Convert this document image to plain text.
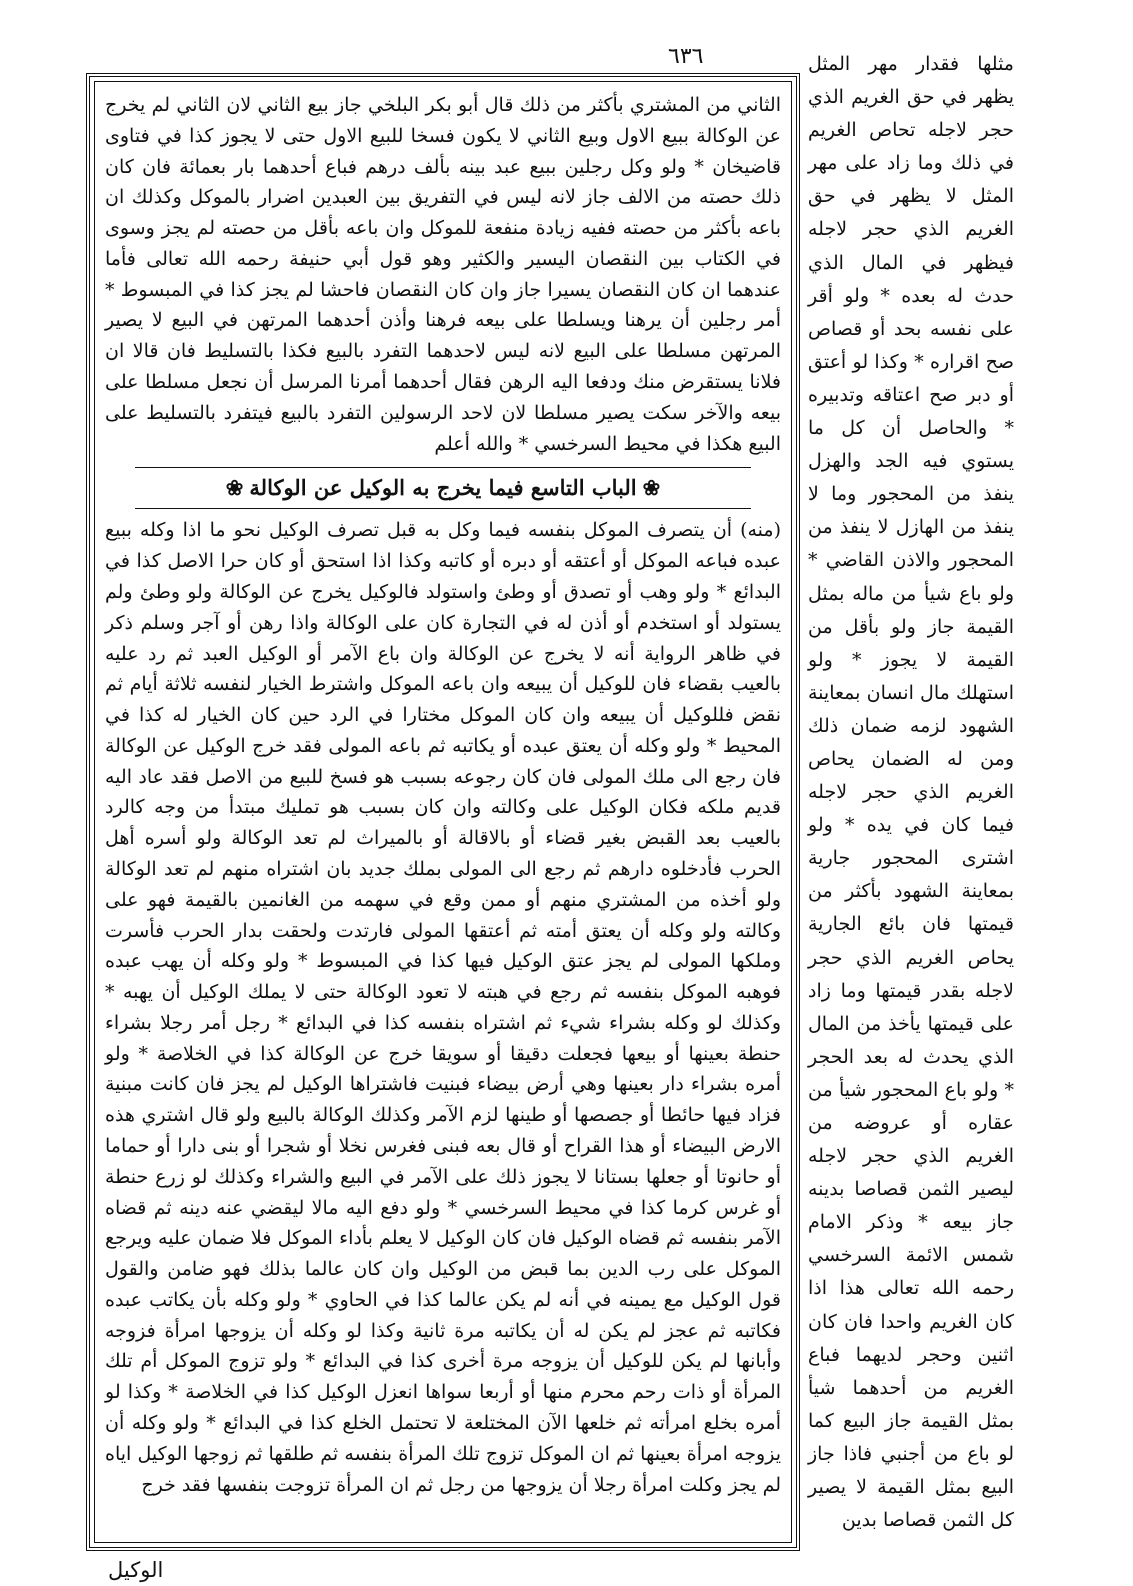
٦٣٦	مثلها فقدار مهر المثل يظهر في حق الغريم الذي حجر لاجله تحاص الغريم في ذلك وما زاد على مهر المثل لا يظهر في حق الغريم الذي حجر لاجله فيظهر في المال الذي حدث له بعده * ولو أقر على نفسه بحد أو قصاص صح اقراره * وكذا لو أعتق أو دبر صح اعتاقه وتدبيره * والحاصل أن كل ما يستوي فيه الجد والهزل ينفذ من المحجور وما لا ينفذ من الهازل لا ينفذ من المحجور والاذن القاضي * ولو باع شيأ من ماله بمثل القيمة جاز ولو بأقل من القيمة لا يجوز * ولو استهلك مال انسان بمعاينة الشهود لزمه ضمان ذلك ومن له الضمان يحاص الغريم الذي حجر لاجله فيما كان في يده * ولو اشترى المحجور جارية بمعاينة الشهود بأكثر من قيمتها فان بائع الجارية يحاص الغريم الذي حجر لاجله بقدر قيمتها وما زاد على قيمتها يأخذ من المال الذي يحدث له بعد الحجر * ولو باع المحجور شيأ من عقاره أو عروضه من الغريم الذي حجر لاجله ليصير الثمن قصاصا بدينه جاز بيعه * وذكر الامام شمس الائمة السرخسي رحمه الله تعالى هذا اذا كان الغريم واحدا فان كان اثنين وحجر لديهما فباع الغريم من أحدهما شيأ بمثل القيمة جاز البيع كما لو باع من أجنبي فاذا جاز البيع بمثل القيمة لا يصير كل الثمن قصاصا بدين

الثاني من المشتري بأكثر من ذلك قال أبو بكر البلخي جاز بيع الثاني لان الثاني لم يخرج عن الوكالة ببيع الاول وبيع الثاني لا يكون فسخا للبيع الاول حتى لا يجوز كذا في فتاوى قاضيخان * ولو وكل رجلين ببيع عبد بينه بألف درهم فباع أحدهما بار بعمائة فان كان ذلك حصته من الالف جاز لانه ليس في التفريق بين العبدين اضرار بالموكل وكذلك ان باعه بأكثر من حصته ففيه زيادة منفعة للموكل وان باعه بأقل من حصته لم يجز وسوى في الكتاب بين النقصان اليسير والكثير وهو قول أبي حنيفة رحمه الله تعالى فأما عندهما ان كان النقصان يسيرا جاز وان كان النقصان فاحشا لم يجز كذا في المبسوط * أمر رجلين أن يرهنا ويسلطا على بيعه فرهنا وأذن أحدهما المرتهن في البيع لا يصير المرتهن مسلطا على البيع لانه ليس لاحدهما التفرد بالبيع فكذا بالتسليط فان قالا ان فلانا يستقرض منك ودفعا اليه الرهن فقال أحدهما أمرنا المرسل أن نجعل مسلطا على بيعه والآخر سكت يصير مسلطا لان لاحد الرسولين التفرد بالبيع فيتفرد بالتسليط على البيع هكذا في محيط السرخسي * والله أعلم

❀الباب التاسع فيما يخرج به الوكيل عن الوكالة❀

(منه) أن يتصرف الموكل بنفسه فيما وكل به قبل تصرف الوكيل نحو ما اذا وكله ببيع عبده فباعه الموكل أو أعتقه أو دبره أو كاتبه وكذا اذا استحق أو كان حرا الاصل كذا في البدائع * ولو وهب أو تصدق أو وطئ واستولد فالوكيل يخرج عن الوكالة ولو وطئ ولم يستولد أو استخدم أو أذن له في التجارة كان على الوكالة واذا رهن أو آجر وسلم ذكر في ظاهر الرواية أنه لا يخرج عن الوكالة وان باع الآمر أو الوكيل العبد ثم رد عليه بالعيب بقضاء فان للوكيل أن يبيعه وان باعه الموكل واشترط الخيار لنفسه ثلاثة أيام ثم نقض فللوكيل أن يبيعه وان كان الموكل مختارا في الرد حين كان الخيار له كذا في المحيط * ولو وكله أن يعتق عبده أو يكاتبه ثم باعه المولى فقد خرج الوكيل عن الوكالة فان رجع الى ملك المولى فان كان رجوعه بسبب هو فسخ للبيع من الاصل فقد عاد اليه قديم ملكه فكان الوكيل على وكالته وان كان بسبب هو تمليك مبتدأ من وجه كالرد بالعيب بعد القبض بغير قضاء أو بالاقالة أو بالميراث لم تعد الوكالة ولو أسره أهل الحرب فأدخلوه دارهم ثم رجع الى المولى بملك جديد بان اشتراه منهم لم تعد الوكالة ولو أخذه من المشتري منهم أو ممن وقع في سهمه من الغانمين بالقيمة فهو على وكالته ولو وكله أن يعتق أمته ثم أعتقها المولى فارتدت ولحقت بدار الحرب فأسرت وملكها المولى لم يجز عتق الوكيل فيها كذا في المبسوط * ولو وكله أن يهب عبده فوهبه الموكل بنفسه ثم رجع في هبته لا تعود الوكالة حتى لا يملك الوكيل أن يهبه * وكذلك لو وكله بشراء شيء ثم اشتراه بنفسه كذا في البدائع * رجل أمر رجلا بشراء حنطة بعينها أو بيعها فجعلت دقيقا أو سويقا خرج عن الوكالة كذا في الخلاصة * ولو أمره بشراء دار بعينها وهي أرض بيضاء فبنيت فاشتراها الوكيل لم يجز فان كانت مبنية فزاد فيها حائطا أو جصصها أو طينها لزم الآمر وكذلك الوكالة بالبيع ولو قال اشتري هذه الارض البيضاء أو هذا القراح أو قال بعه فبنى فغرس نخلا أو شجرا أو بنى دارا أو حماما أو حانوتا أو جعلها بستانا لا يجوز ذلك على الآمر في البيع والشراء وكذلك لو زرع حنطة أو غرس كرما كذا في محيط السرخسي * ولو دفع اليه مالا ليقضي عنه دينه ثم قضاه الآمر بنفسه ثم قضاه الوكيل فان كان الوكيل لا يعلم بأداء الموكل فلا ضمان عليه ويرجع الموكل على رب الدين بما قبض من الوكيل وان كان عالما بذلك فهو ضامن والقول قول الوكيل مع يمينه في أنه لم يكن عالما كذا في الحاوي * ولو وكله بأن يكاتب عبده فكاتبه ثم عجز لم يكن له أن يكاتبه مرة ثانية وكذا لو وكله أن يزوجها امرأة فزوجه وأبانها لم يكن للوكيل أن يزوجه مرة أخرى كذا في البدائع * ولو تزوج الموكل أم تلك المرأة أو ذات رحم محرم منها أو أربعا سواها انعزل الوكيل كذا في الخلاصة * وكذا لو أمره بخلع امرأته ثم خلعها الآن المختلعة لا تحتمل الخلع كذا في البدائع * ولو وكله أن يزوجه امرأة بعينها ثم ان الموكل تزوج تلك المرأة بنفسه ثم طلقها ثم زوجها الوكيل اياه لم يجز وكلت امرأة رجلا أن يزوجها من رجل ثم ان المرأة تزوجت بنفسها فقد خرج

الوكيل
